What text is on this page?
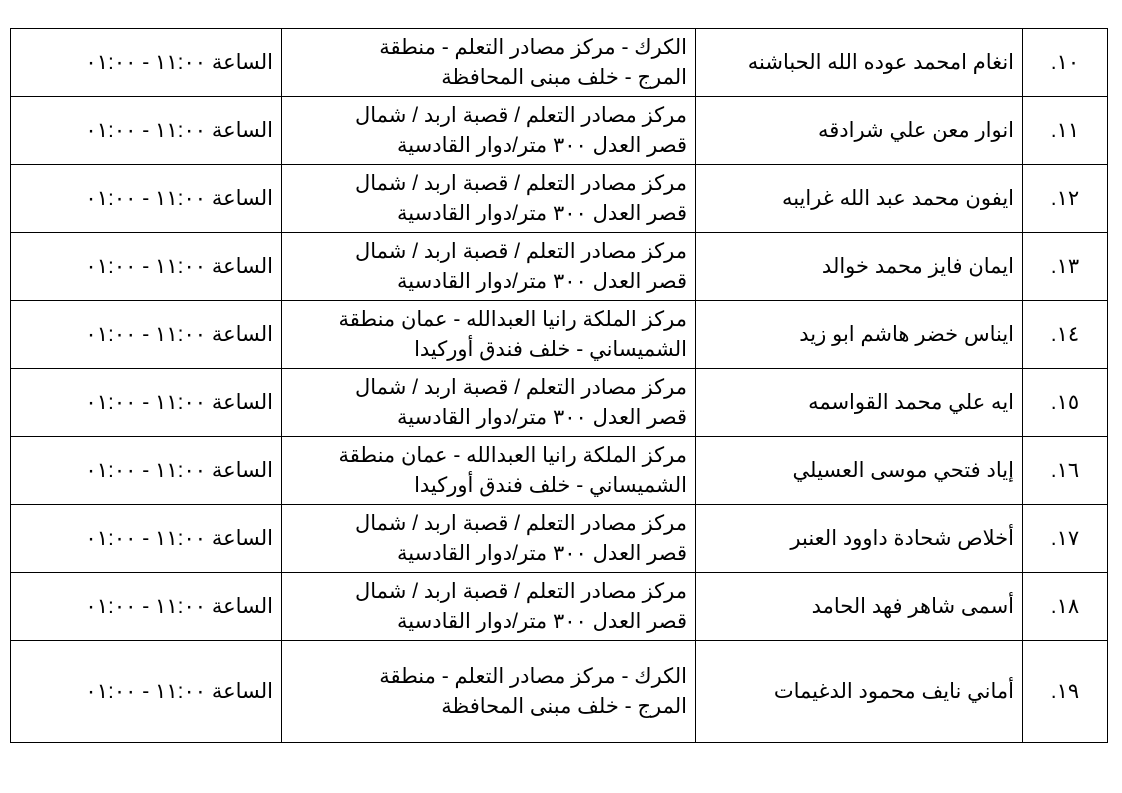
١٠.	انغام امحمد عوده الله الحباشنه	الكرك - مركز مصادر التعلم - منطقة
المرج - خلف مبنى المحافظة	الساعة ١١:٠٠ - ٠١:٠٠
١١.	انوار معن علي شرادقه	مركز مصادر التعلم / قصبة اربد / شمال
قصر العدل ٣٠٠ متر/دوار القادسية	الساعة ١١:٠٠ - ٠١:٠٠
١٢.	ايفون محمد عبد الله غرايبه	مركز مصادر التعلم / قصبة اربد / شمال
قصر العدل ٣٠٠ متر/دوار القادسية	الساعة ١١:٠٠ - ٠١:٠٠
١٣.	ايمان فايز محمد خوالد	مركز مصادر التعلم / قصبة اربد / شمال
قصر العدل ٣٠٠ متر/دوار القادسية	الساعة ١١:٠٠ - ٠١:٠٠
١٤.	ايناس خضر هاشم ابو زيد	مركز الملكة رانيا العبدالله - عمان منطقة
الشميساني - خلف فندق أوركيدا	الساعة ١١:٠٠ - ٠١:٠٠
١٥.	ايه علي محمد القواسمه	مركز مصادر التعلم / قصبة اربد / شمال
قصر العدل ٣٠٠ متر/دوار القادسية	الساعة ١١:٠٠ - ٠١:٠٠
١٦.	إياد فتحي موسى العسيلي	مركز الملكة رانيا العبدالله - عمان منطقة
الشميساني - خلف فندق أوركيدا	الساعة ١١:٠٠ - ٠١:٠٠
١٧.	أخلاص شحادة داوود العنبر	مركز مصادر التعلم / قصبة اربد / شمال
قصر العدل ٣٠٠ متر/دوار القادسية	الساعة ١١:٠٠ - ٠١:٠٠
١٨.	أسمى شاهر فهد الحامد	مركز مصادر التعلم / قصبة اربد / شمال
قصر العدل ٣٠٠ متر/دوار القادسية	الساعة ١١:٠٠ - ٠١:٠٠
١٩.	أماني نايف محمود الدغيمات	الكرك - مركز مصادر التعلم - منطقة
المرج - خلف مبنى المحافظة	الساعة ١١:٠٠ - ٠١:٠٠
